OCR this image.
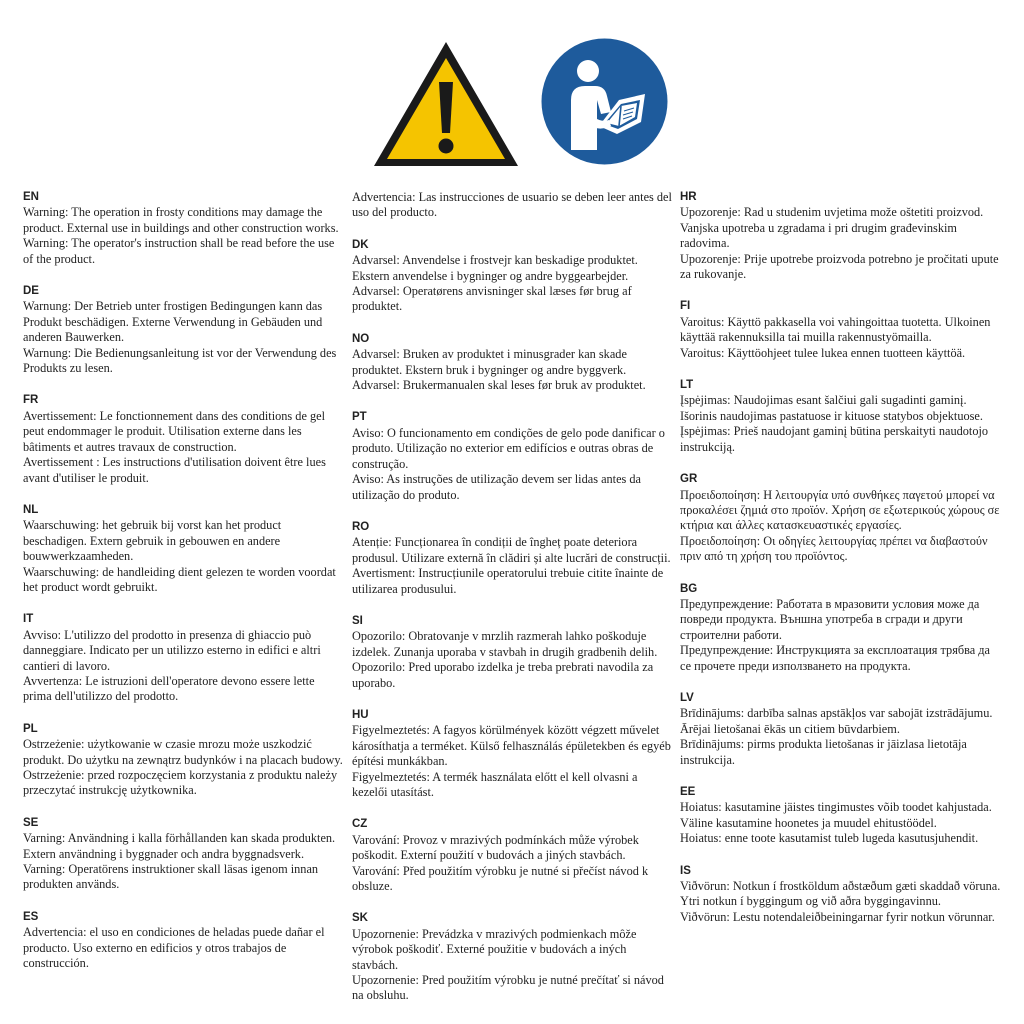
EN
Warning: The operation in frosty conditions may damage the product. External use in buildings and other construction works.
Warning: The operator's instruction shall be read before the use of the product.
DE
Warnung: Der Betrieb unter frostigen Bedingungen kann das Produkt beschädigen. Externe Verwendung in Gebäuden und anderen Bauwerken.
Warnung: Die Bedienungsanleitung ist vor der Verwendung des Produkts zu lesen.
FR
Avertissement: Le fonctionnement dans des conditions de gel peut endommager le produit. Utilisation externe dans les bâtiments et autres travaux de construction.
Avertissement : Les instructions d'utilisation doivent être lues avant d'utiliser le produit.
NL
Waarschuwing: het gebruik bij vorst kan het product beschadigen. Extern gebruik in gebouwen en andere bouwwerkzaamheden.
Waarschuwing: de handleiding dient gelezen te worden voordat het product wordt gebruikt.
IT
Avviso: L'utilizzo del prodotto in presenza di ghiaccio può danneggiare. Indicato per un utilizzo esterno in edifici e altri cantieri di lavoro.
Avvertenza: Le istruzioni dell'operatore devono essere lette prima dell'utilizzo del prodotto.
PL
Ostrzeżenie: użytkowanie w czasie mrozu może uszkodzić produkt. Do użytku na zewnątrz budynków i na placach budowy.
Ostrzeżenie: przed rozpoczęciem korzystania z produktu należy przeczytać instrukcję użytkownika.
SE
Varning: Användning i kalla förhållanden kan skada produkten. Extern användning i byggnader och andra byggnadsverk.
Varning: Operatörens instruktioner skall läsas igenom innan produkten används.
ES
Advertencia: el uso en condiciones de heladas puede dañar el producto. Uso externo en edificios y otros trabajos de construcción.
Advertencia: Las instrucciones de usuario se deben leer antes del uso del producto.
DK
Advarsel: Anvendelse i frostvejr kan beskadige produktet. Ekstern anvendelse i bygninger og andre byggearbejder.
Advarsel: Operatørens anvisninger skal læses før brug af produktet.
NO
Advarsel: Bruken av produktet i minusgrader kan skade produktet. Ekstern bruk i bygninger og andre byggverk.
Advarsel: Brukermanualen skal leses før bruk av produktet.
PT
Aviso: O funcionamento em condições de gelo pode danificar o produto. Utilização no exterior em edifícios e outras obras de construção.
Aviso: As instruções de utilização devem ser lidas antes da utilização do produto.
RO
Atenție: Funcționarea în condiții de îngheț poate deteriora produsul. Utilizare externă în clădiri și alte lucrări de construcții.
Avertisment: Instrucțiunile operatorului trebuie citite înainte de utilizarea produsului.
SI
Opozorilo: Obratovanje v mrzlih razmerah lahko poškoduje izdelek. Zunanja uporaba v stavbah in drugih gradbenih delih.
Opozorilo: Pred uporabo izdelka je treba prebrati navodila za uporabo.
HU
Figyelmeztetés: A fagyos körülmények között végzett művelet károsíthatja a terméket. Külső felhasználás épületekben és egyéb építési munkákban.
Figyelmeztetés: A termék használata előtt el kell olvasni a kezelői utasítást.
CZ
Varování: Provoz v mrazivých podmínkách může výrobek poškodit. Externí použití v budovách a jiných stavbách.
Varování: Před použitím výrobku je nutné si přečíst návod k obsluze.
SK
Upozornenie: Prevádzka v mrazivých podmienkach môže výrobok poškodiť. Externé použitie v budovách a iných stavbách.
Upozornenie: Pred použitím výrobku je nutné prečítať si návod na obsluhu.
HR
Upozorenje: Rad u studenim uvjetima može oštetiti proizvod. Vanjska upotreba u zgradama i pri drugim građevinskim radovima.
Upozorenje: Prije upotrebe proizvoda potrebno je pročitati upute za rukovanje.
FI
Varoitus: Käyttö pakkasella voi vahingoittaa tuotetta. Ulkoinen käyttää rakennuksilla tai muilla rakennustyömailla.
Varoitus: Käyttöohjeet tulee lukea ennen tuotteen käyttöä.
LT
Įspėjimas: Naudojimas esant šalčiui gali sugadinti gaminį. Išorinis naudojimas pastatuose ir kituose statybos objektuose.
Įspėjimas: Prieš naudojant gaminį būtina perskaityti naudotojo instrukciją.
GR
Προειδοποίηση: Η λειτουργία υπό συνθήκες παγετού μπορεί να προκαλέσει ζημιά στο προϊόν. Χρήση σε εξωτερικούς χώρους σε κτήρια και άλλες κατασκευαστικές εργασίες.
Προειδοποίηση: Οι οδηγίες λειτουργίας πρέπει να διαβαστούν πριν από τη χρήση του προϊόντος.
BG
Предупреждение: Работата в мразовити условия може да повреди продукта. Външна употреба в сгради и други строителни работи.
Предупреждение: Инструкцията за експлоатация трябва да се прочете преди използването на продукта.
LV
Brīdinājums: darbība salnas apstākļos var sabojāt izstrādājumu. Ārējai lietošanai ēkās un citiem būvdarbiem.
Brīdinājums: pirms produkta lietošanas ir jāizlasa lietotāja instrukcija.
EE
Hoiatus: kasutamine jäistes tingimustes võib toodet kahjustada. Väline kasutamine hoonetes ja muudel ehitustöödel.
Hoiatus: enne toote kasutamist tuleb lugeda kasutusjuhendit.
IS
Viðvörun: Notkun í frostköldum aðstæðum gæti skaddað vöruna. Ytri notkun í byggingum og við aðra byggingavinnu.
Viðvörun: Lestu notendaleiðbeiningarnar fyrir notkun vörunnar.
